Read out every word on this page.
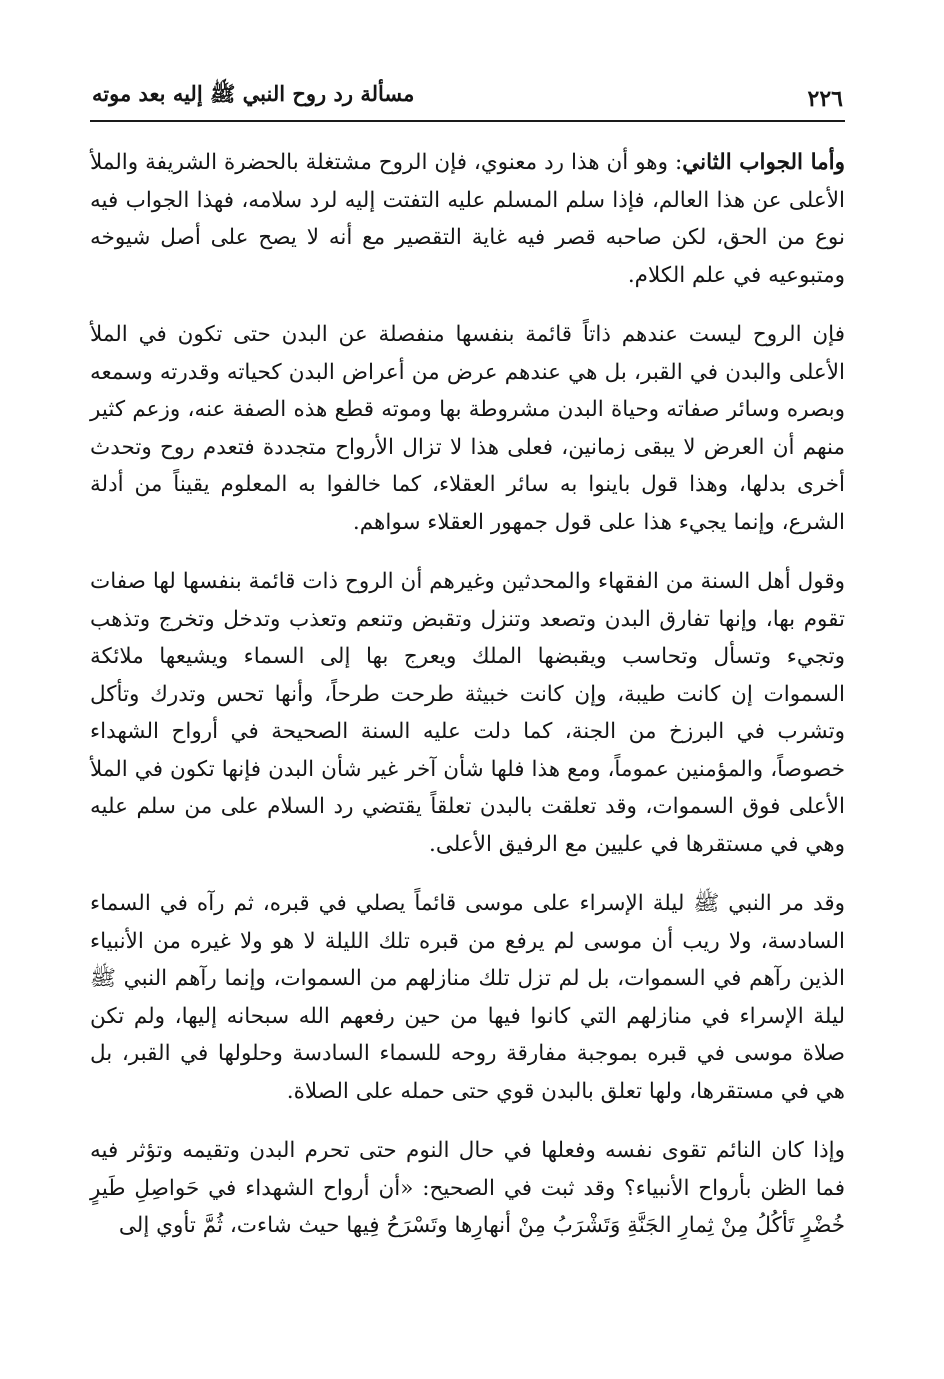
٢٢٦
مسألة رد روح النبي ﷺ إليه بعد موته

وأما الجواب الثاني: وهو أن هذا رد معنوي، فإن الروح مشتغلة بالحضرة الشريفة والملأ الأعلى عن هذا العالم، فإذا سلم المسلم عليه التفتت إليه لرد سلامه، فهذا الجواب فيه نوع من الحق، لكن صاحبه قصر فيه غاية التقصير مع أنه لا يصح على أصل شيوخه ومتبوعيه في علم الكلام.

فإن الروح ليست عندهم ذاتاً قائمة بنفسها منفصلة عن البدن حتى تكون في الملأ الأعلى والبدن في القبر، بل هي عندهم عرض من أعراض البدن كحياته وقدرته وسمعه وبصره وسائر صفاته وحياة البدن مشروطة بها وموته قطع هذه الصفة عنه، وزعم كثير منهم أن العرض لا يبقى زمانين، فعلى هذا لا تزال الأرواح متجددة فتعدم روح وتحدث أخرى بدلها، وهذا قول باينوا به سائر العقلاء، كما خالفوا به المعلوم يقيناً من أدلة الشرع، وإنما يجيء هذا على قول جمهور العقلاء سواهم.

وقول أهل السنة من الفقهاء والمحدثين وغيرهم أن الروح ذات قائمة بنفسها لها صفات تقوم بها، وإنها تفارق البدن وتصعد وتنزل وتقبض وتنعم وتعذب وتدخل وتخرج وتذهب وتجيء وتسأل وتحاسب ويقبضها الملك ويعرج بها إلى السماء ويشيعها ملائكة السموات إن كانت طيبة، وإن كانت خبيثة طرحت طرحاً، وأنها تحس وتدرك وتأكل وتشرب في البرزخ من الجنة، كما دلت عليه السنة الصحيحة في أرواح الشهداء خصوصاً، والمؤمنين عموماً، ومع هذا فلها شأن آخر غير شأن البدن فإنها تكون في الملأ الأعلى فوق السموات، وقد تعلقت بالبدن تعلقاً يقتضي رد السلام على من سلم عليه وهي في مستقرها في عليين مع الرفيق الأعلى.

وقد مر النبي ﷺ ليلة الإسراء على موسى قائماً يصلي في قبره، ثم رآه في السماء السادسة، ولا ريب أن موسى لم يرفع من قبره تلك الليلة لا هو ولا غيره من الأنبياء الذين رآهم في السموات، بل لم تزل تلك منازلهم من السموات، وإنما رآهم النبي ﷺ ليلة الإسراء في منازلهم التي كانوا فيها من حين رفعهم الله سبحانه إليها، ولم تكن صلاة موسى في قبره بموجبة مفارقة روحه للسماء السادسة وحلولها في القبر، بل هي في مستقرها، ولها تعلق بالبدن قوي حتى حمله على الصلاة.

وإذا كان النائم تقوى نفسه وفعلها في حال النوم حتى تحرم البدن وتقيمه وتؤثر فيه فما الظن بأرواح الأنبياء؟ وقد ثبت في الصحيح: «أن أرواح الشهداء في حَواصِلِ طَيرٍ خُضْرٍ تَأكُلُ مِنْ ثِمارِ الجَنَّةِ وَتَشْرَبُ مِنْ أنهارِها وتَسْرَحُ فِيها حيث شاءت، ثُمَّ تأوي إلى
